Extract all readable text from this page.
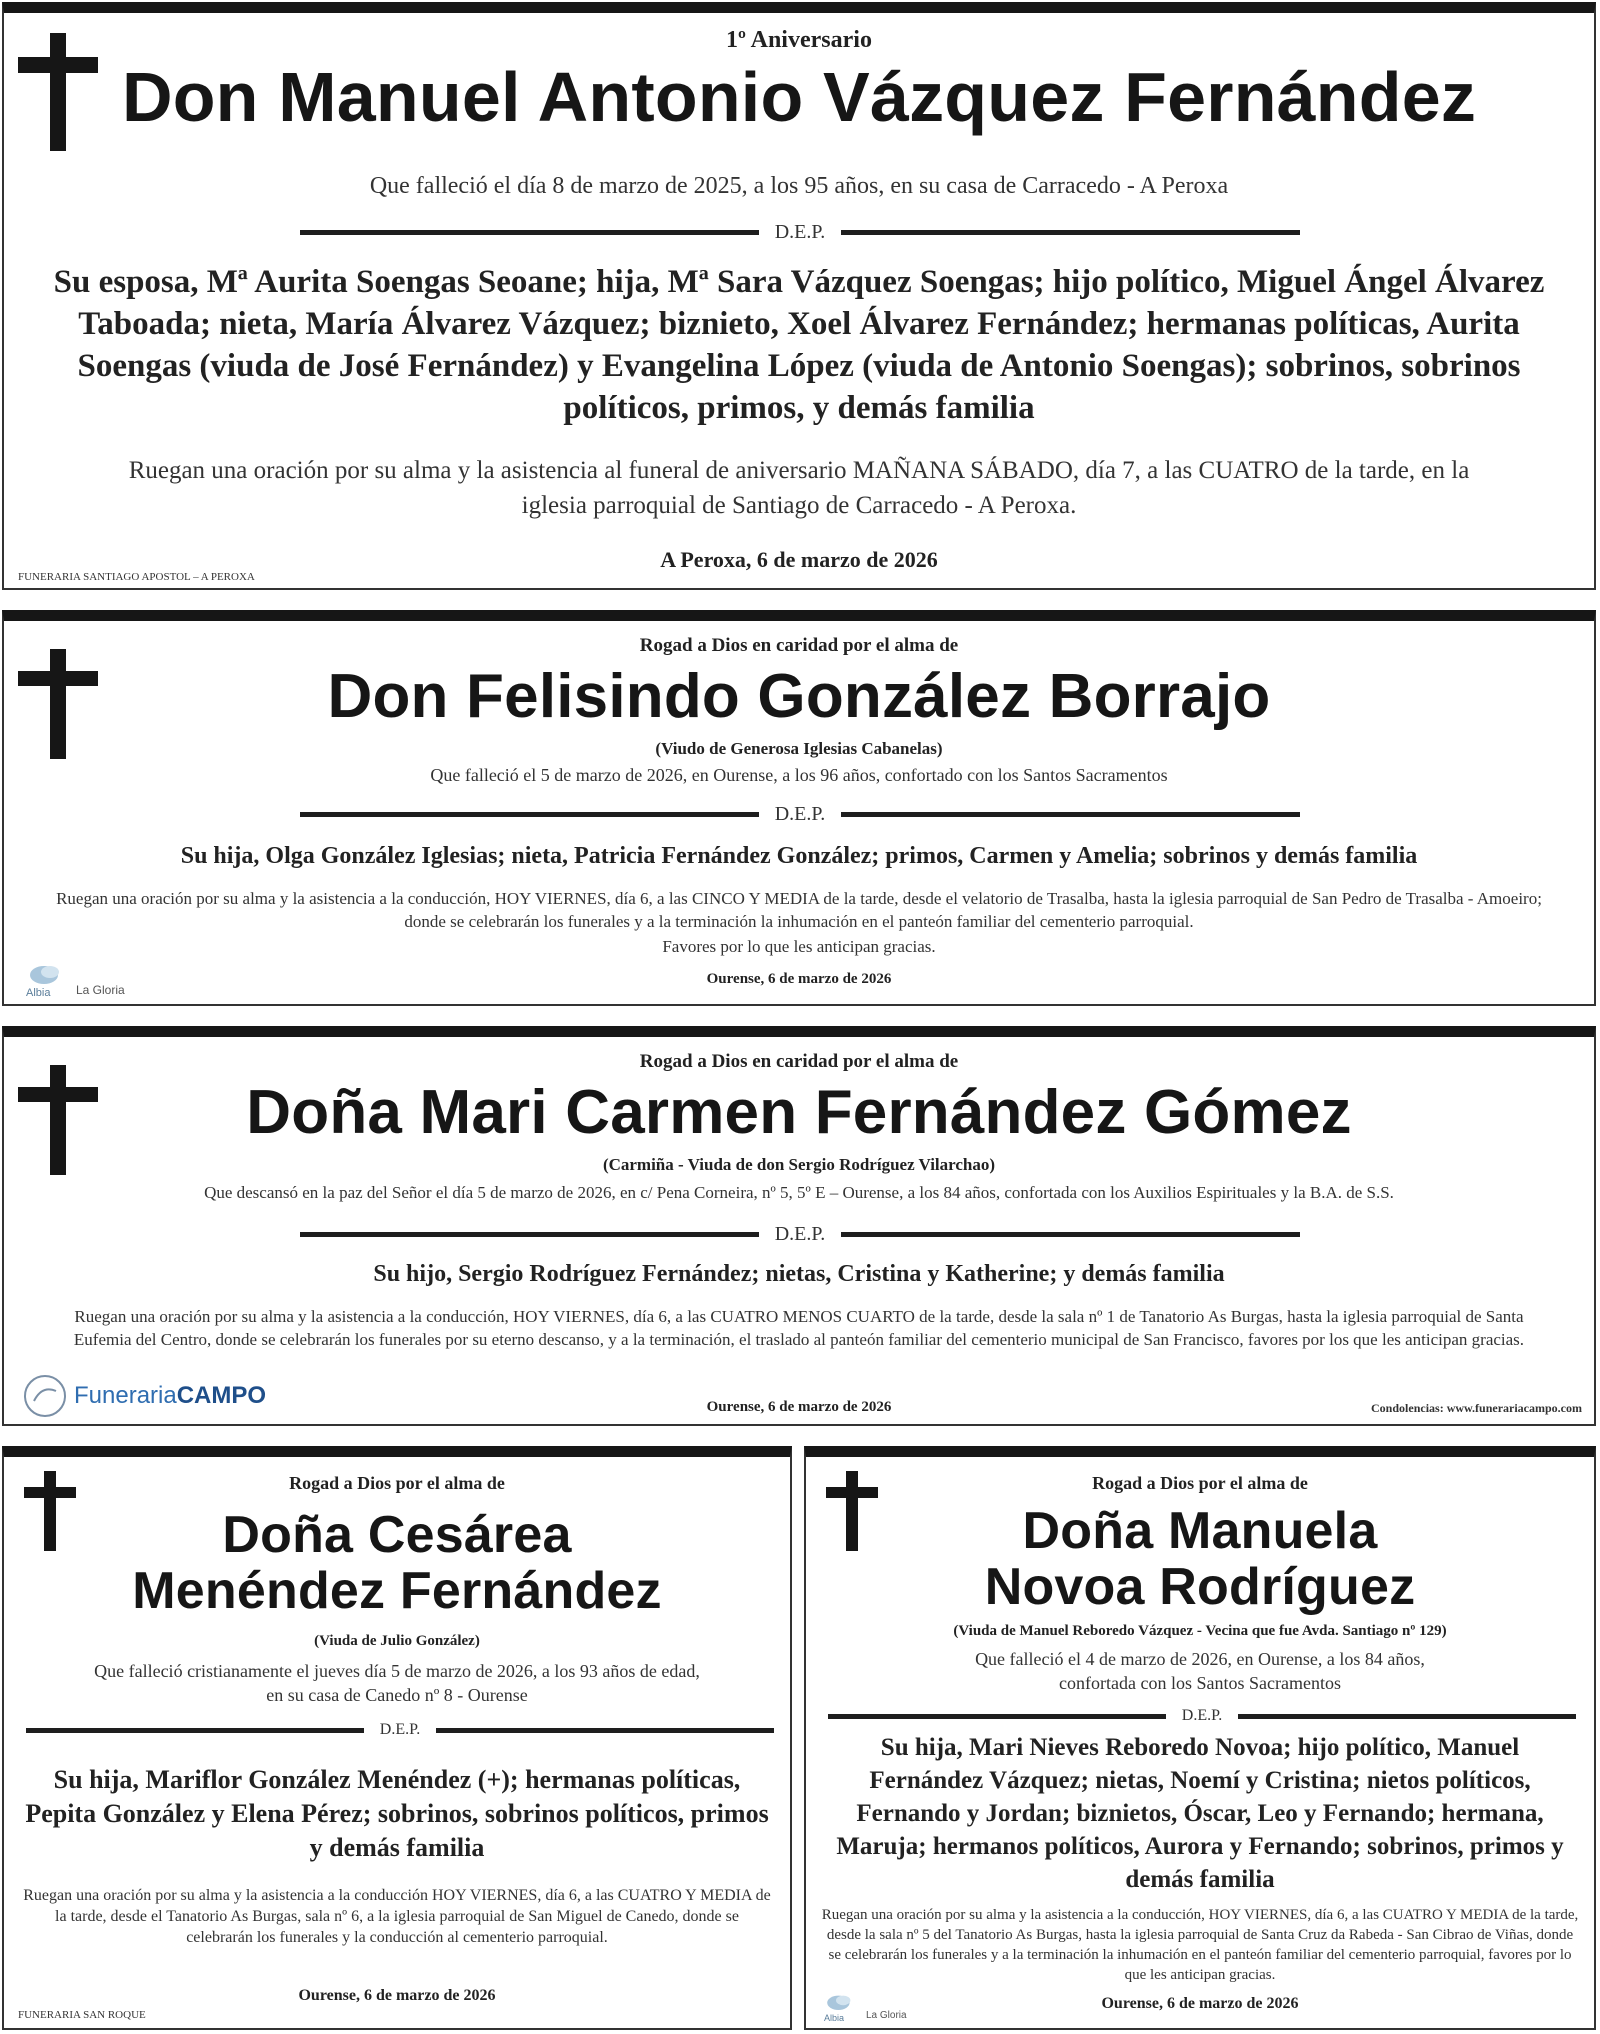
1º Aniversario

Don Manuel Antonio Vázquez Fernández

Que falleció el día 8 de marzo de 2025, a los 95 años, en su casa de Carracedo - A Peroxa

D.E.P.

Su esposa, Mª Aurita Soengas Seoane; hija, Mª Sara Vázquez Soengas; hijo político, Miguel Ángel Álvarez Taboada; nieta, María Álvarez Vázquez; biznieto, Xoel Álvarez Fernández; hermanas políticas, Aurita Soengas (viuda de José Fernández) y Evangelina López (viuda de Antonio Soengas); sobrinos, sobrinos políticos, primos, y demás familia

Ruegan una oración por su alma y la asistencia al funeral de aniversario MAÑANA SÁBADO, día 7, a las CUATRO de la tarde, en la iglesia parroquial de Santiago de Carracedo - A Peroxa.

A Peroxa, 6 de marzo de 2026

FUNERARIA SANTIAGO APOSTOL – A PEROXA

Rogad a Dios en caridad por el alma de

Don Felisindo González Borrajo

(Viudo de Generosa Iglesias Cabanelas)

Que falleció el 5 de marzo de 2026, en Ourense, a los 96 años, confortado con los Santos Sacramentos

D.E.P.

Su hija, Olga González Iglesias; nieta, Patricia Fernández González; primos, Carmen y Amelia; sobrinos y demás familia

Ruegan una oración por su alma y la asistencia a la conducción, HOY VIERNES, día 6, a las CINCO Y MEDIA de la tarde, desde el velatorio de Trasalba, hasta la iglesia parroquial de San Pedro de Trasalba - Amoeiro; donde se celebrarán los funerales y a la terminación la inhumación en el panteón familiar del cementerio parroquial.

Favores por lo que les anticipan gracias.

Ourense, 6 de marzo de 2026

Albia La Gloria

Rogad a Dios en caridad por el alma de

Doña Mari Carmen Fernández Gómez

(Carmiña - Viuda de don Sergio Rodríguez Vilarchao)

Que descansó en la paz del Señor el día 5 de marzo de 2026, en c/ Pena Corneira, nº 5, 5º E – Ourense, a los 84 años, confortada con los Auxilios Espirituales y la B.A. de S.S.

D.E.P.

Su hijo, Sergio Rodríguez Fernández; nietas, Cristina y Katherine; y demás familia

Ruegan una oración por su alma y la asistencia a la conducción, HOY VIERNES, día 6, a las CUATRO MENOS CUARTO de la tarde, desde la sala nº 1 de Tanatorio As Burgas, hasta la iglesia parroquial de Santa Eufemia del Centro, donde se celebrarán los funerales por su eterno descanso, y a la terminación, el traslado al panteón familiar del cementerio municipal de San Francisco, favores por los que les anticipan gracias.

Ourense, 6 de marzo de 2026	Condolencias: www.funerariacampo.com
FunerariaCAMPO

Rogad a Dios por el alma de

Doña Cesárea

Menéndez Fernández

(Viuda de Julio González)

Que falleció cristianamente el jueves día 5 de marzo de 2026, a los 93 años de edad,

en su casa de Canedo nº 8 - Ourense

D.E.P.

Su hija, Mariflor González Menéndez (+); hermanas políticas, Pepita González y Elena Pérez; sobrinos, sobrinos políticos, primos y demás familia

Ruegan una oración por su alma y la asistencia a la conducción HOY VIERNES, día 6, a las CUATRO Y MEDIA de la tarde, desde el Tanatorio As Burgas, sala nº 6, a la iglesia parroquial de San Miguel de Canedo, donde se celebrarán los funerales y la conducción al cementerio parroquial.

Ourense, 6 de marzo de 2026

FUNERARIA SAN ROQUE

Rogad a Dios por el alma de

Doña Manuela

Novoa Rodríguez

(Viuda de Manuel Reboredo Vázquez - Vecina que fue Avda. Santiago nº 129)

Que falleció el 4 de marzo de 2026, en Ourense, a los 84 años,

confortada con los Santos Sacramentos

D.E.P.

Su hija, Mari Nieves Reboredo Novoa; hijo político, Manuel Fernández Vázquez; nietas, Noemí y Cristina; nietos políticos, Fernando y Jordan; biznietos, Óscar, Leo y Fernando; hermana, Maruja; hermanos políticos, Aurora y Fernando; sobrinos, primos y demás familia

Ruegan una oración por su alma y la asistencia a la conducción, HOY VIERNES, día 6, a las CUATRO Y MEDIA de la tarde, desde la sala nº 5 del Tanatorio As Burgas, hasta la iglesia parroquial de Santa Cruz da Rabeda - San Cibrao de Viñas, donde se celebrarán los funerales y a la terminación la inhumación en el panteón familiar del cementerio parroquial, favores por lo que les anticipan gracias.

Ourense, 6 de marzo de 2026

Albia La Gloria
